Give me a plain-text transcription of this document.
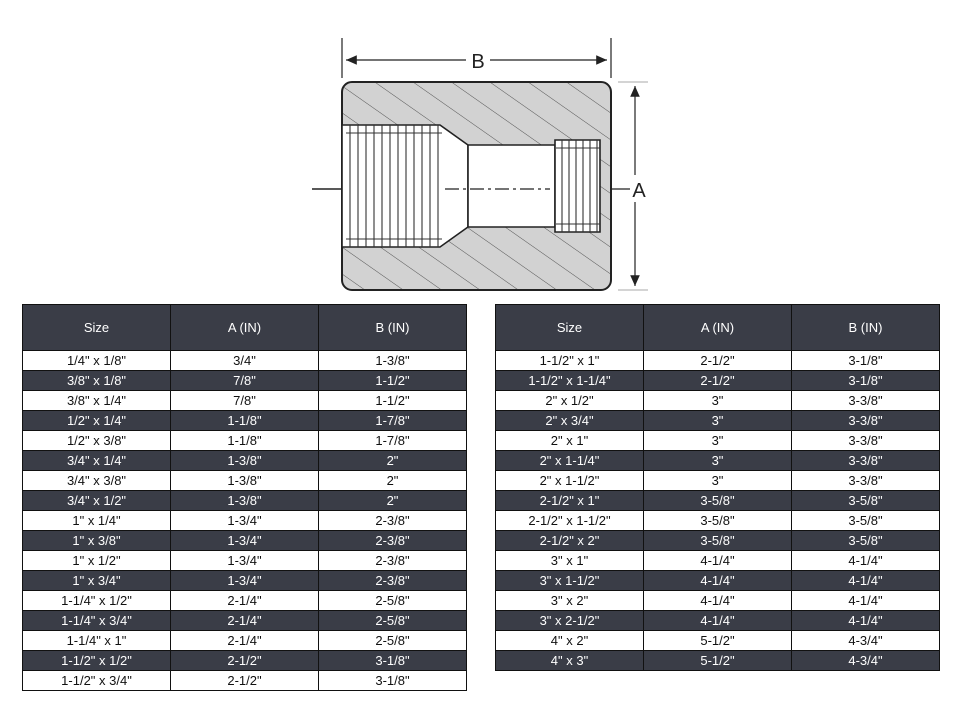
B
A
Size	A (IN)	B (IN)
1/4" x 1/8"	3/4"	1-3/8"
3/8" x 1/8"	7/8"	1-1/2"
3/8" x 1/4"	7/8"	1-1/2"
1/2" x 1/4"	1-1/8"	1-7/8"
1/2" x 3/8"	1-1/8"	1-7/8"
3/4" x 1/4"	1-3/8"	2"
3/4" x 3/8"	1-3/8"	2"
3/4" x 1/2"	1-3/8"	2"
1" x 1/4"	1-3/4"	2-3/8"
1" x 3/8"	1-3/4"	2-3/8"
1" x 1/2"	1-3/4"	2-3/8"
1" x 3/4"	1-3/4"	2-3/8"
1-1/4" x 1/2"	2-1/4"	2-5/8"
1-1/4" x 3/4"	2-1/4"	2-5/8"
1-1/4" x 1"	2-1/4"	2-5/8"
1-1/2" x 1/2"	2-1/2"	3-1/8"
1-1/2" x 3/4"	2-1/2"	3-1/8"
Size	A (IN)	B (IN)
1-1/2" x 1"	2-1/2"	3-1/8"
1-1/2" x 1-1/4"	2-1/2"	3-1/8"
2" x 1/2"	3"	3-3/8"
2" x 3/4"	3"	3-3/8"
2" x 1"	3"	3-3/8"
2" x 1-1/4"	3"	3-3/8"
2" x 1-1/2"	3"	3-3/8"
2-1/2" x 1"	3-5/8"	3-5/8"
2-1/2" x 1-1/2"	3-5/8"	3-5/8"
2-1/2" x 2"	3-5/8"	3-5/8"
3" x 1"	4-1/4"	4-1/4"
3" x 1-1/2"	4-1/4"	4-1/4"
3" x 2"	4-1/4"	4-1/4"
3" x 2-1/2"	4-1/4"	4-1/4"
4" x 2"	5-1/2"	4-3/4"
4" x 3"	5-1/2"	4-3/4"
